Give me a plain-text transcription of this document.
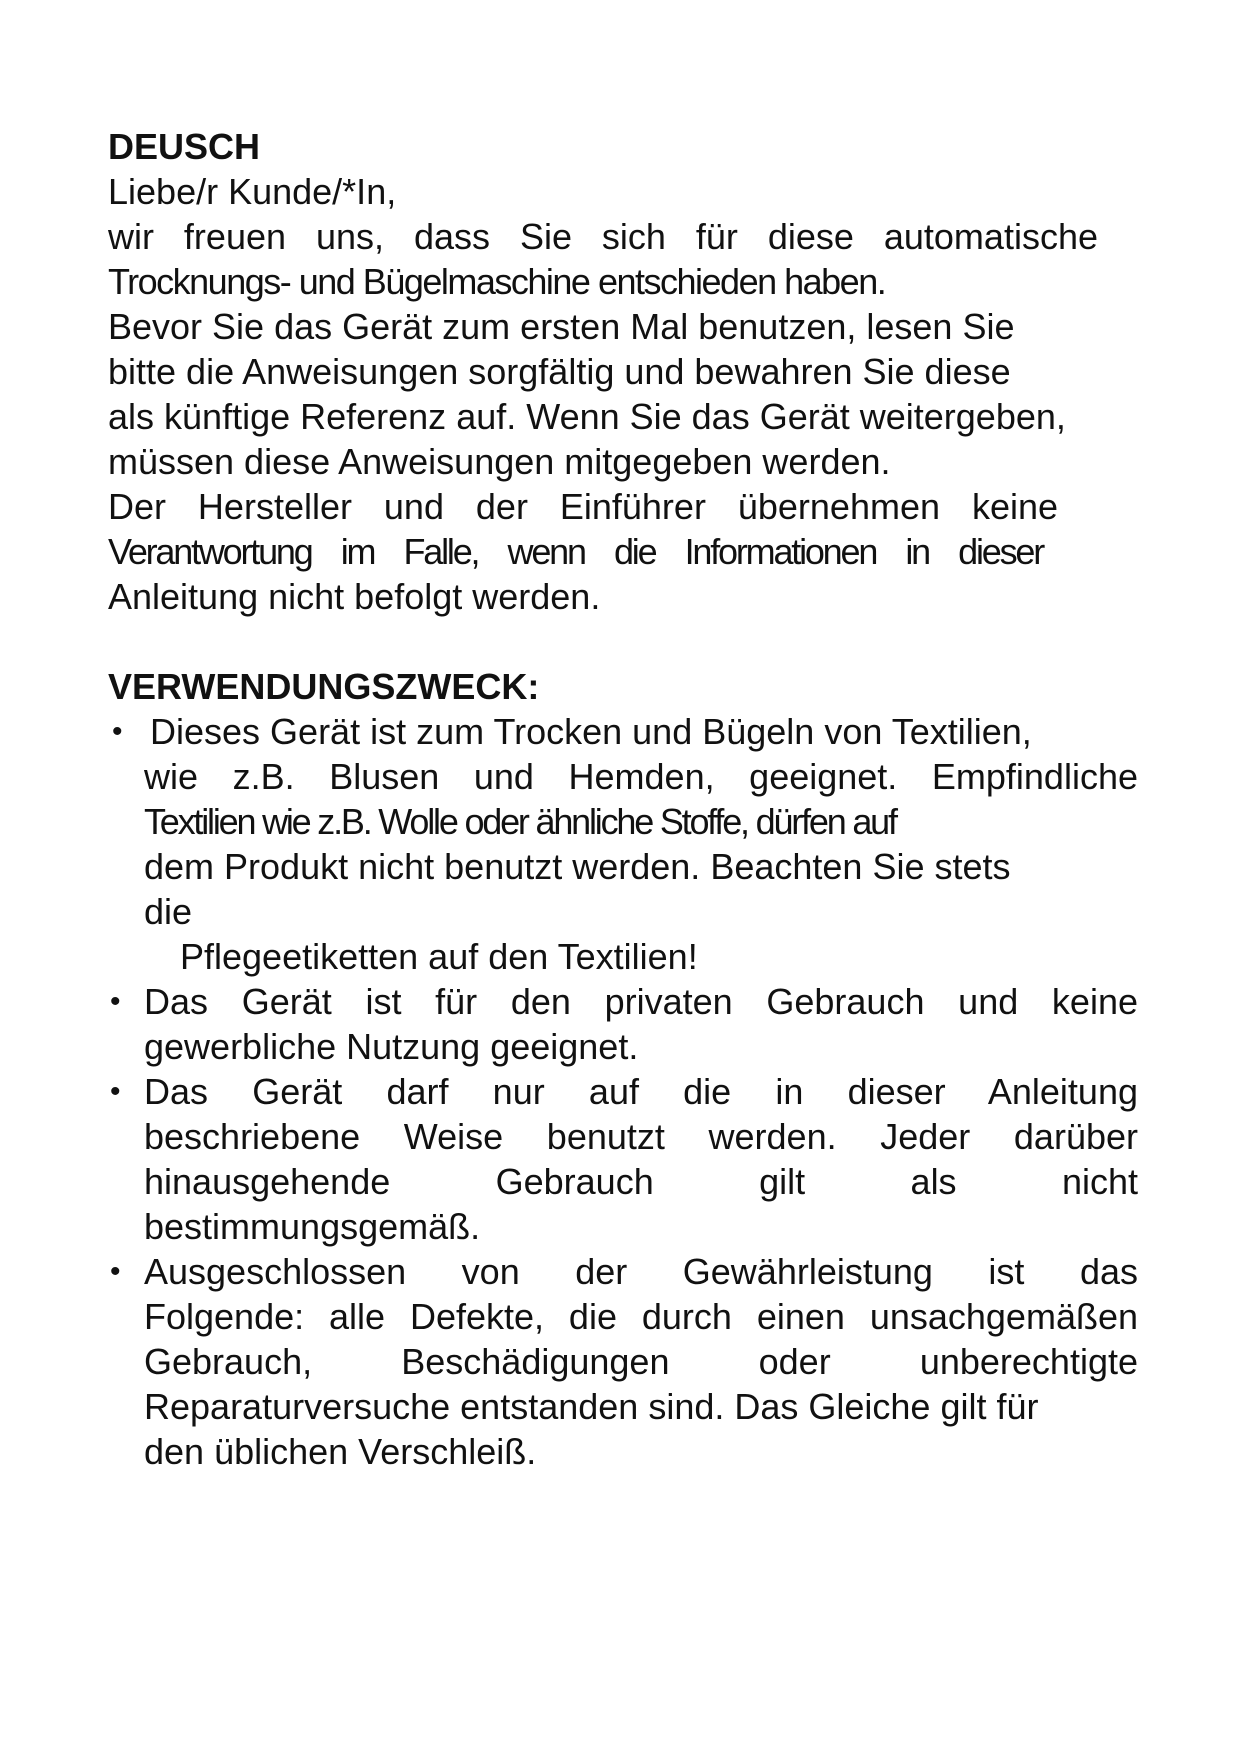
DEUSCH
Liebe/r Kunde/*In,
wir freuen uns, dass Sie sich für diese automatische
Trocknungs- und Bügelmaschine entschieden haben.
Bevor Sie das Gerät zum ersten Mal benutzen, lesen Sie
bitte die Anweisungen sorgfältig und bewahren Sie diese
als künftige Referenz auf. Wenn Sie das Gerät weitergeben,
müssen diese Anweisungen mitgegeben werden.
Der Hersteller und der Einführer übernehmen keine
Verantwortung im Falle, wenn die Informationen in dieser
Anleitung nicht befolgt werden.
VERWENDUNGSZWECK:
• Dieses Gerät ist zum Trocken und Bügeln von Textilien,
wie z.B. Blusen und Hemden, geeignet. Empfindliche
Textilien wie z.B. Wolle oder ähnliche Stoffe, dürfen auf
dem Produkt nicht benutzt werden. Beachten Sie stets
die
Pflegeetiketten auf den Textilien!
• Das Gerät ist für den privaten Gebrauch und keine
gewerbliche Nutzung geeignet.
• Das Gerät darf nur auf die in dieser Anleitung
beschriebene Weise benutzt werden. Jeder darüber
hinausgehende Gebrauch gilt als nicht
bestimmungsgemäß.
• Ausgeschlossen von der Gewährleistung ist das
Folgende: alle Defekte, die durch einen unsachgemäßen
Gebrauch, Beschädigungen oder unberechtigte
Reparaturversuche entstanden sind. Das Gleiche gilt für
den üblichen Verschleiß.
